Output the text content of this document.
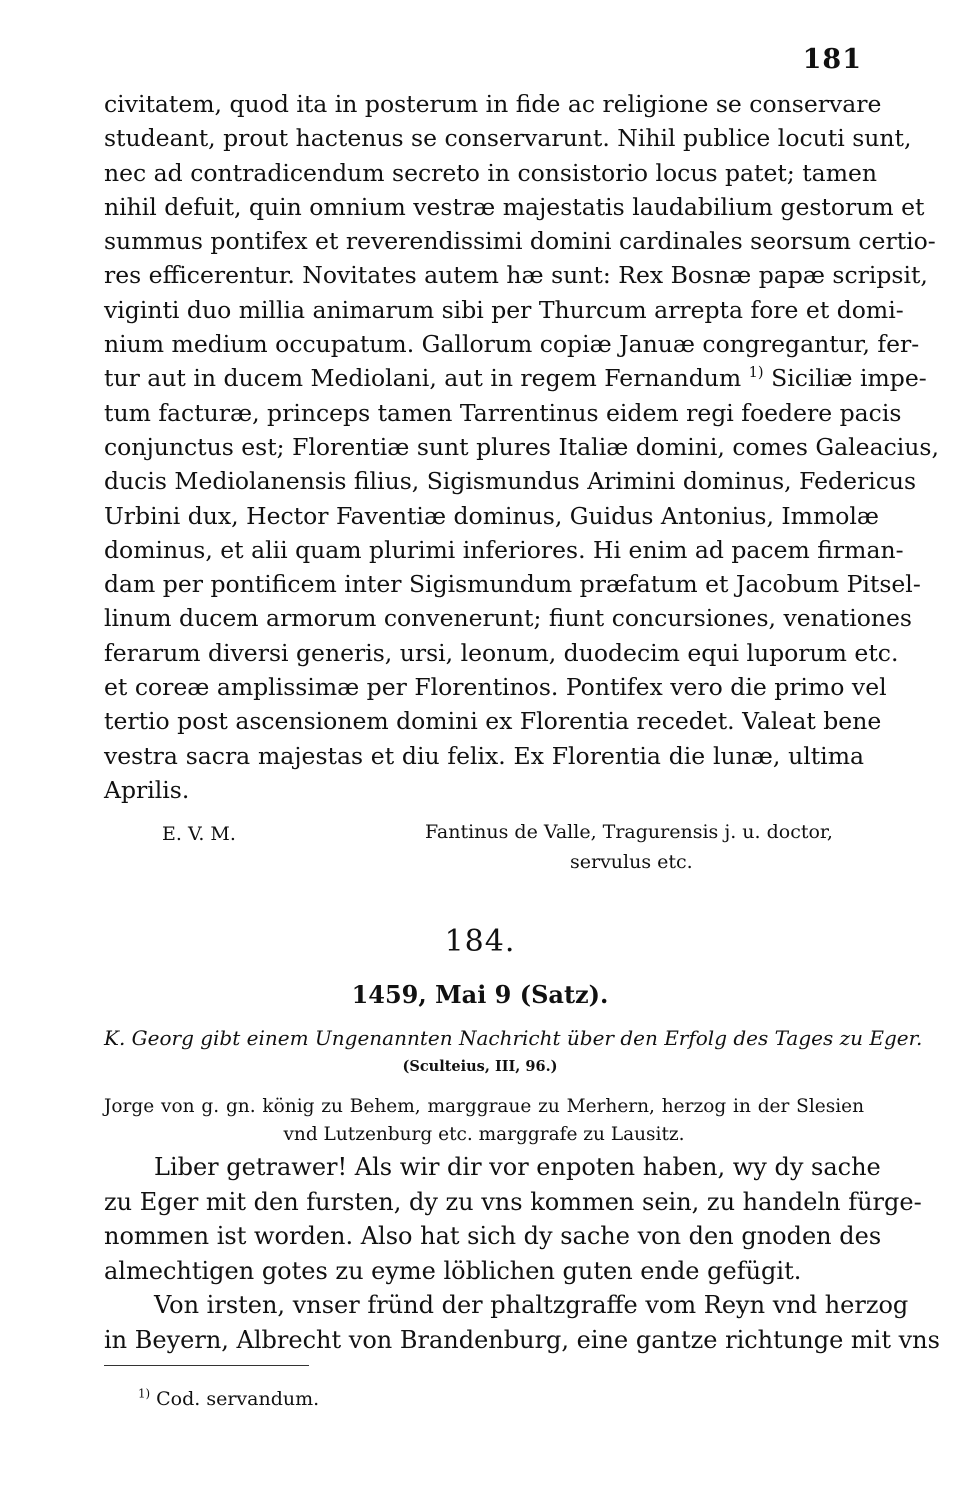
181
civitatem, quod ita in posterum in fide ac religione se conservare
studeant, prout hactenus se conservarunt. Nihil publice locuti sunt,
nec ad contradicendum secreto in consistorio locus patet; tamen
nihil defuit, quin omnium vestræ majestatis laudabilium gestorum et
summus pontifex et reverendissimi domini cardinales seorsum certio-
res efficerentur. Novitates autem hæ sunt: Rex Bosnæ papæ scripsit,
viginti duo millia animarum sibi per Thurcum arrepta fore et domi-
nium medium occupatum. Gallorum copiæ Januæ congregantur, fer-
tur aut in ducem Mediolani, aut in regem Fernandum $^{1)}$ Siciliæ impe-
tum facturæ, princeps tamen Tarrentinus eidem regi foedere pacis
conjunctus est; Florentiæ sunt plures Italiæ domini, comes Galeacius,
ducis Mediolanensis filius, Sigismundus Arimini dominus, Federicus
Urbini dux, Hector Faventiæ dominus, Guidus Antonius, Immolæ
dominus, et alii quam plurimi inferiores. Hi enim ad pacem firman-
dam per pontificem inter Sigismundum præfatum et Jacobum Pitsel-
linum ducem armorum convenerunt; fiunt concursiones, venationes
ferarum diversi generis, ursi, leonum, duodecim equi luporum etc.
et coreæ amplissimæ per Florentinos. Pontifex vero die primo vel
tertio post ascensionem domini ex Florentia recedet. Valeat bene
vestra sacra majestas et diu felix. Ex Florentia die lunæ, ultima
Aprilis.
E. V. M.	Fantinus de Valle, Tragurensis j. u. doctor,
servulus etc.
184.
1459, Mai 9 (Satz).
K. Georg gibt einem Ungenannten Nachricht über den Erfolg des Tages zu Eger.
(Sculteius, III, 96.)
Jorge von g. gn. könig zu Behem, marggraue zu Merhern, herzog in der Slesien
vnd Lutzenburg etc. marggrafe zu Lausitz.
Liber getrawer! Als wir dir vor enpoten haben, wy dy sache
zu Eger mit den fursten, dy zu vns kommen sein, zu handeln fürge-
nommen ist worden. Also hat sich dy sache von den gnoden des
almechtigen gotes zu eyme löblichen guten ende gefügit.
Von irsten, vnser fründ der phaltzgraffe vom Reyn vnd herzog
in Beyern, Albrecht von Brandenburg, eine gantze richtunge mit vns
$^{1)}$ Cod. servandum.
